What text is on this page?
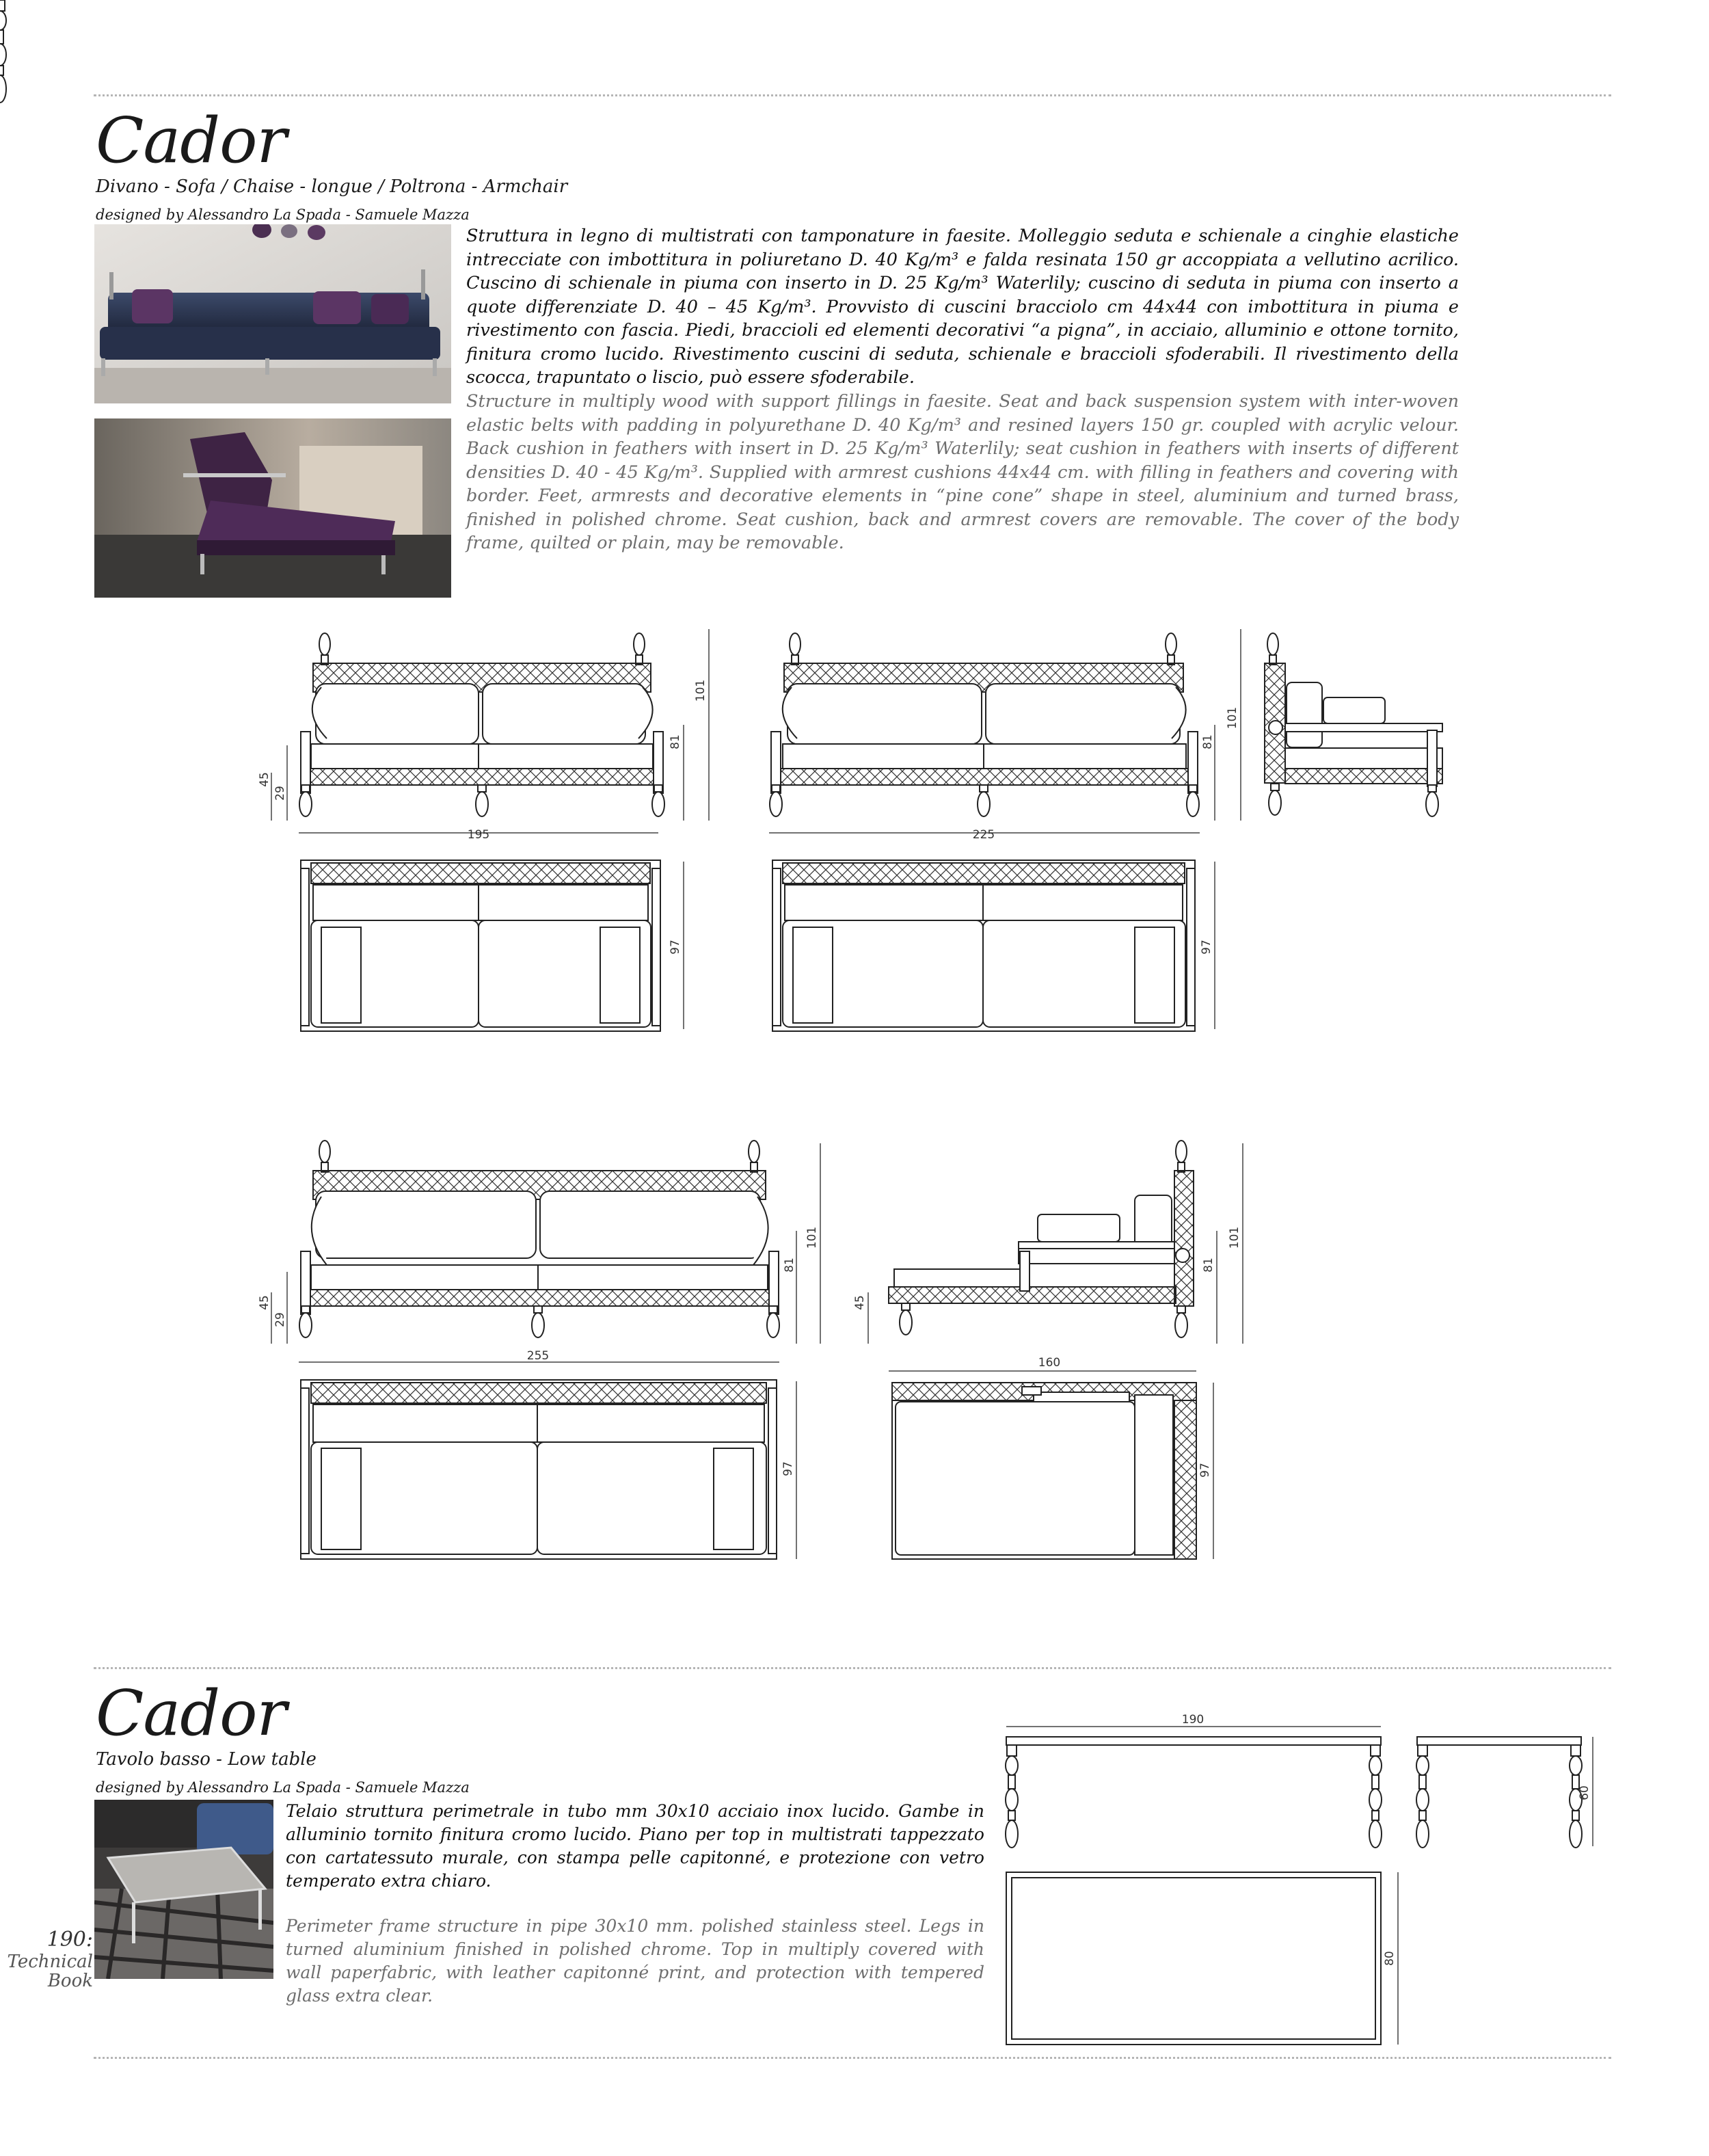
Cador
Divano - Sofa / Chaise - longue / Poltrona - Armchair
designed by Alessandro La Spada - Samuele Mazza

Struttura in legno di multistrati con tamponature in faesite. Molleggio seduta e schienale a cinghie elastiche intrecciate con imbottitura in poliuretano D. 40 Kg/m³ e falda resinata 150 gr accoppiata a vellutino acrilico. Cuscino di schienale in piuma con inserto in D. 25 Kg/m³ Waterlily; cuscino di seduta in piuma con inserto a quote differenziate D. 40 – 45 Kg/m³. Provvisto di cuscini bracciolo cm 44x44 con imbottitura in piuma e rivestimento con fascia. Piedi, braccioli ed elementi decorativi “a pigna”, in acciaio, alluminio e ottone tornito, finitura cromo lucido. Rivestimento cuscini di seduta, schienale e braccioli sfoderabili. Il rivestimento della scocca, trapuntato o liscio, può essere sfoderabile.

Structure in multiply wood with support fillings in faesite. Seat and back suspension system with inter-woven elastic belts with padding in polyurethane D. 40 Kg/m³ and resined layers 150 gr. coupled with acrylic velour. Back cushion in feathers with insert in D. 25 Kg/m³ Waterlily; seat cushion in feathers with inserts of different densities D. 40 - 45 Kg/m³. Supplied with armrest cushions 44x44 cm. with filling in feathers and covering with border. Feet, armrests and decorative elements in “pine cone” shape in steel, aluminium and turned brass, finished in polished chrome. Seat cushion, back and armrest covers are removable. The cover of the body frame, quilted or plain, may be removable.

195
81
101
45
29
97
225
81
101
97
255
81
101
45
29
97
45
81
101
160
97
190
60
80
Cador
Tavolo basso - Low table
designed by Alessandro La Spada - Samuele Mazza

Telaio struttura perimetrale in tubo mm 30x10 acciaio inox lucido. Gambe in alluminio tornito finitura cromo lucido. Piano per top in multistrati tappezzato con cartatessuto murale, con stampa pelle capitonné, e protezione con vetro temperato extra chiaro.

Perimeter frame structure in pipe 30x10 mm. polished stainless steel. Legs in turned aluminium finished in polished chrome. Top in multiply covered with wall paperfabric, with leather capitonné print, and protection with tempered glass extra clear.

190:
Technical
Book
